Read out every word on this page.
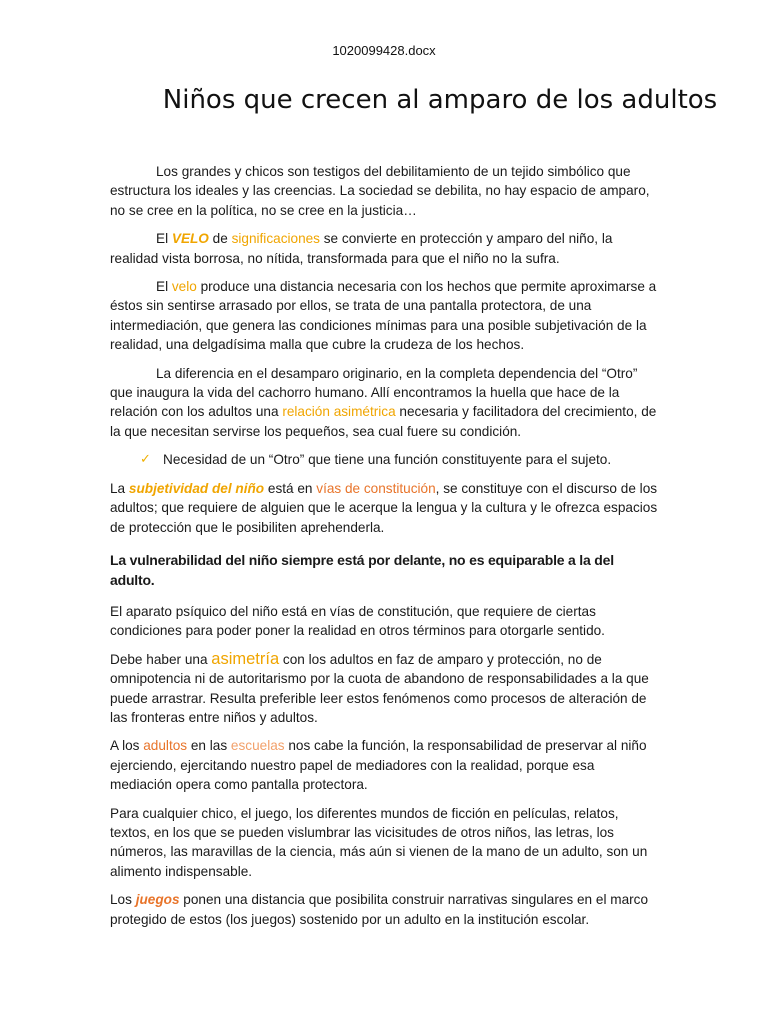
1020099428.docx
Niños que crecen al amparo de los adultos

Los grandes y chicos son testigos del debilitamiento de un tejido simbólico que estructura los ideales y las creencias. La sociedad se debilita, no hay espacio de amparo, no se cree en la política, no se cree en la justicia…

El VELO de significaciones se convierte en protección y amparo del niño, la realidad vista borrosa, no nítida, transformada para que el niño no la sufra.

El velo produce una distancia necesaria con los hechos que permite aproximarse a éstos sin sentirse arrasado por ellos, se trata de una pantalla protectora, de una intermediación, que genera las condiciones mínimas para una posible subjetivación de la realidad, una delgadísima malla que cubre la crudeza de los hechos.

La diferencia en el desamparo originario, en la completa dependencia del “Otro” que inaugura la vida del cachorro humano. Allí encontramos la huella que hace de la relación con los adultos una relación asimétrica necesaria y facilitadora del crecimiento, de la que necesitan servirse los pequeños, sea cual fuere su condición.

✓ Necesidad de un “Otro” que tiene una función constituyente para el sujeto.

La subjetividad del niño está en vías de constitución, se constituye con el discurso de los adultos; que requiere de alguien que le acerque la lengua y la cultura y le ofrezca espacios de protección que le posibiliten aprehenderla.

La vulnerabilidad del niño siempre está por delante, no es equiparable a la del adulto.

El aparato psíquico del niño está en vías de constitución, que requiere de ciertas condiciones para poder poner la realidad en otros términos para otorgarle sentido.

Debe haber una asimetría con los adultos en faz de amparo y protección, no de omnipotencia ni de autoritarismo por la cuota de abandono de responsabilidades a la que puede arrastrar. Resulta preferible leer estos fenómenos como procesos de alteración de las fronteras entre niños y adultos.

A los adultos en las escuelas nos cabe la función, la responsabilidad de preservar al niño ejerciendo, ejercitando nuestro papel de mediadores con la realidad, porque esa mediación opera como pantalla protectora.

Para cualquier chico, el juego, los diferentes mundos de ficción en películas, relatos, textos, en los que se pueden vislumbrar las vicisitudes de otros niños, las letras, los números, las maravillas de la ciencia, más aún si vienen de la mano de un adulto, son un alimento indispensable.

Los juegos ponen una distancia que posibilita construir narrativas singulares en el marco protegido de estos (los juegos) sostenido por un adulto en la institución escolar.
